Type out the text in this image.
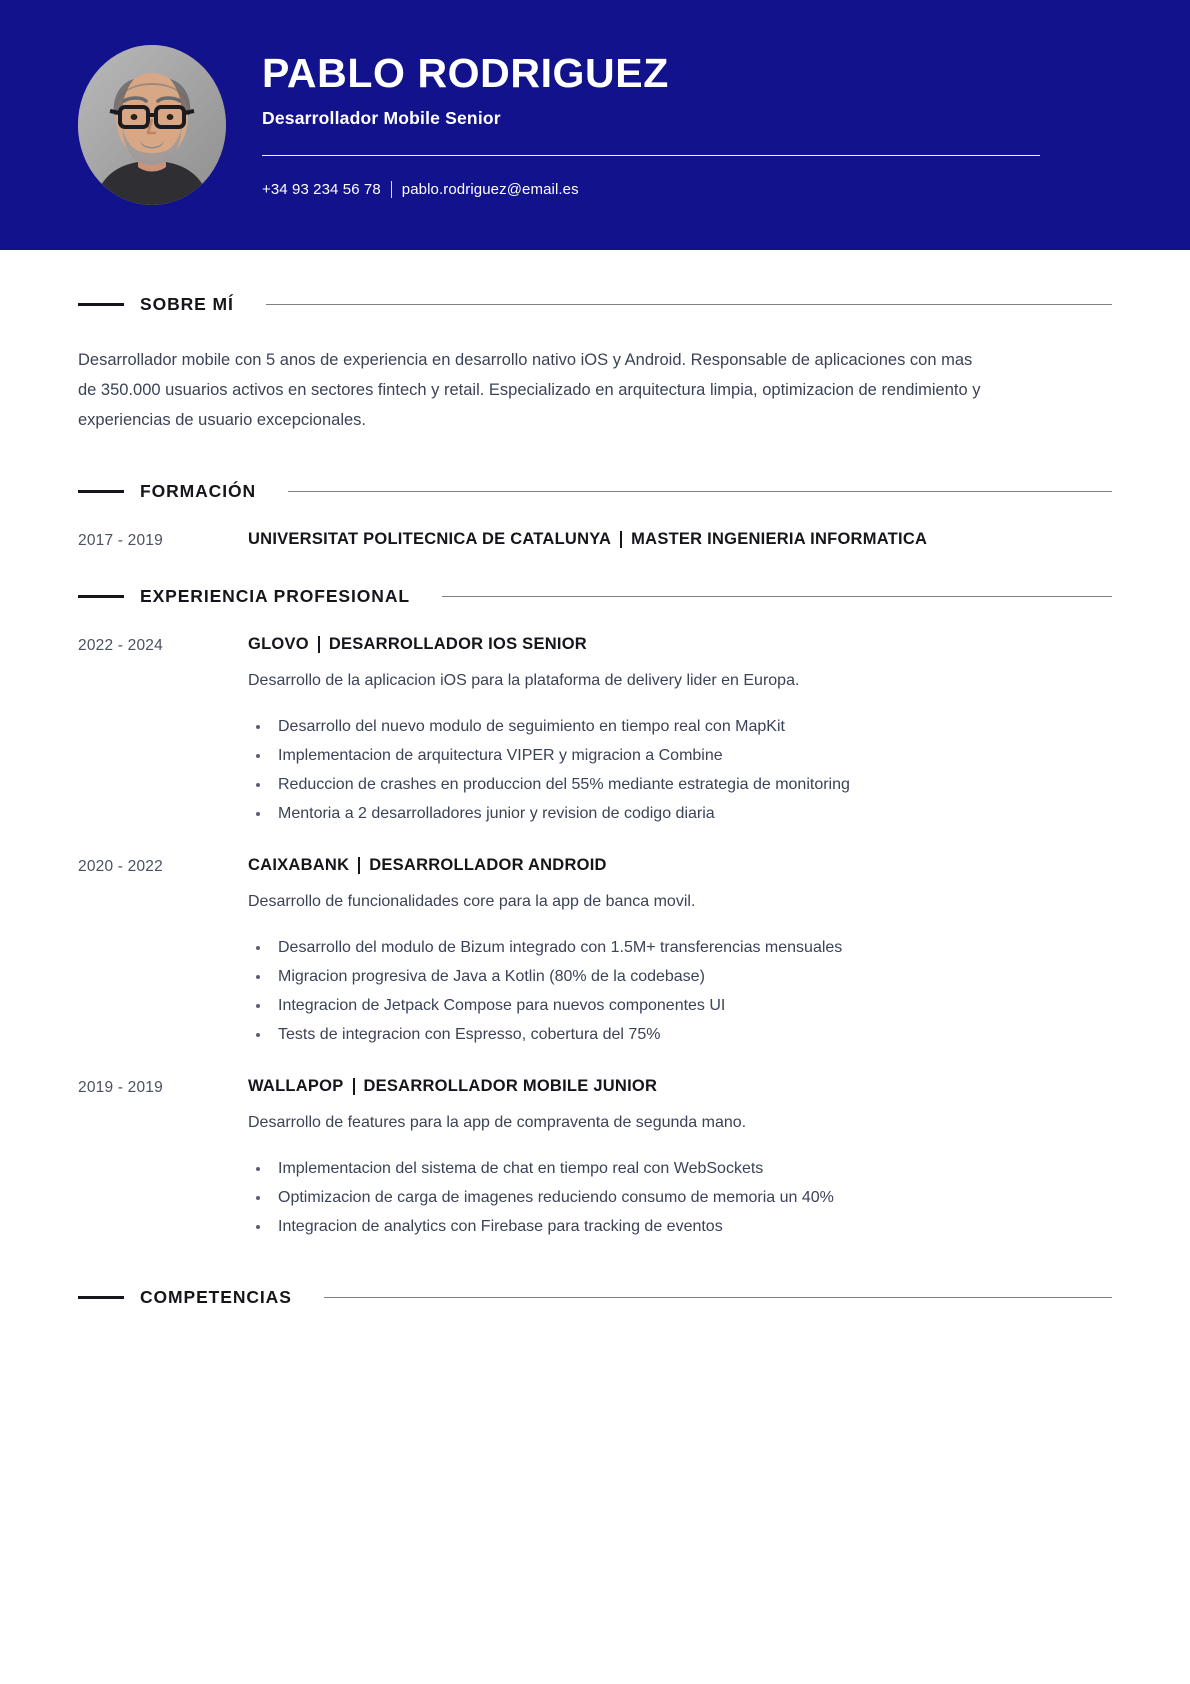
PABLO RODRIGUEZ
Desarrollador Mobile Senior
+34 93 234 56 78 pablo.rodriguez@email.es
SOBRE MÍ

Desarrollador mobile con 5 anos de experiencia en desarrollo nativo iOS y Android. Responsable de aplicaciones con mas de 350.000 usuarios activos en sectores fintech y retail. Especializado en arquitectura limpia, optimizacion de rendimiento y experiencias de usuario excepcionales.

FORMACIÓN
2017 - 2019	UNIVERSITAT POLITECNICA DE CATALUNYA MASTER INGENIERIA INFORMATICA
EXPERIENCIA PROFESIONAL
2022 - 2024	GLOVO DESARROLLADOR IOS SENIOR
Desarrollo de la aplicacion iOS para la plataforma de delivery lider en Europa.
Desarrollo del nuevo modulo de seguimiento en tiempo real con MapKit
Implementacion de arquitectura VIPER y migracion a Combine
Reduccion de crashes en produccion del 55% mediante estrategia de monitoring
Mentoria a 2 desarrolladores junior y revision de codigo diaria
2020 - 2022	CAIXABANK DESARROLLADOR ANDROID
Desarrollo de funcionalidades core para la app de banca movil.
Desarrollo del modulo de Bizum integrado con 1.5M+ transferencias mensuales
Migracion progresiva de Java a Kotlin (80% de la codebase)
Integracion de Jetpack Compose para nuevos componentes UI
Tests de integracion con Espresso, cobertura del 75%
2019 - 2019	WALLAPOP DESARROLLADOR MOBILE JUNIOR
Desarrollo de features para la app de compraventa de segunda mano.
Implementacion del sistema de chat en tiempo real con WebSockets
Optimizacion de carga de imagenes reduciendo consumo de memoria un 40%
Integracion de analytics con Firebase para tracking de eventos
COMPETENCIAS
